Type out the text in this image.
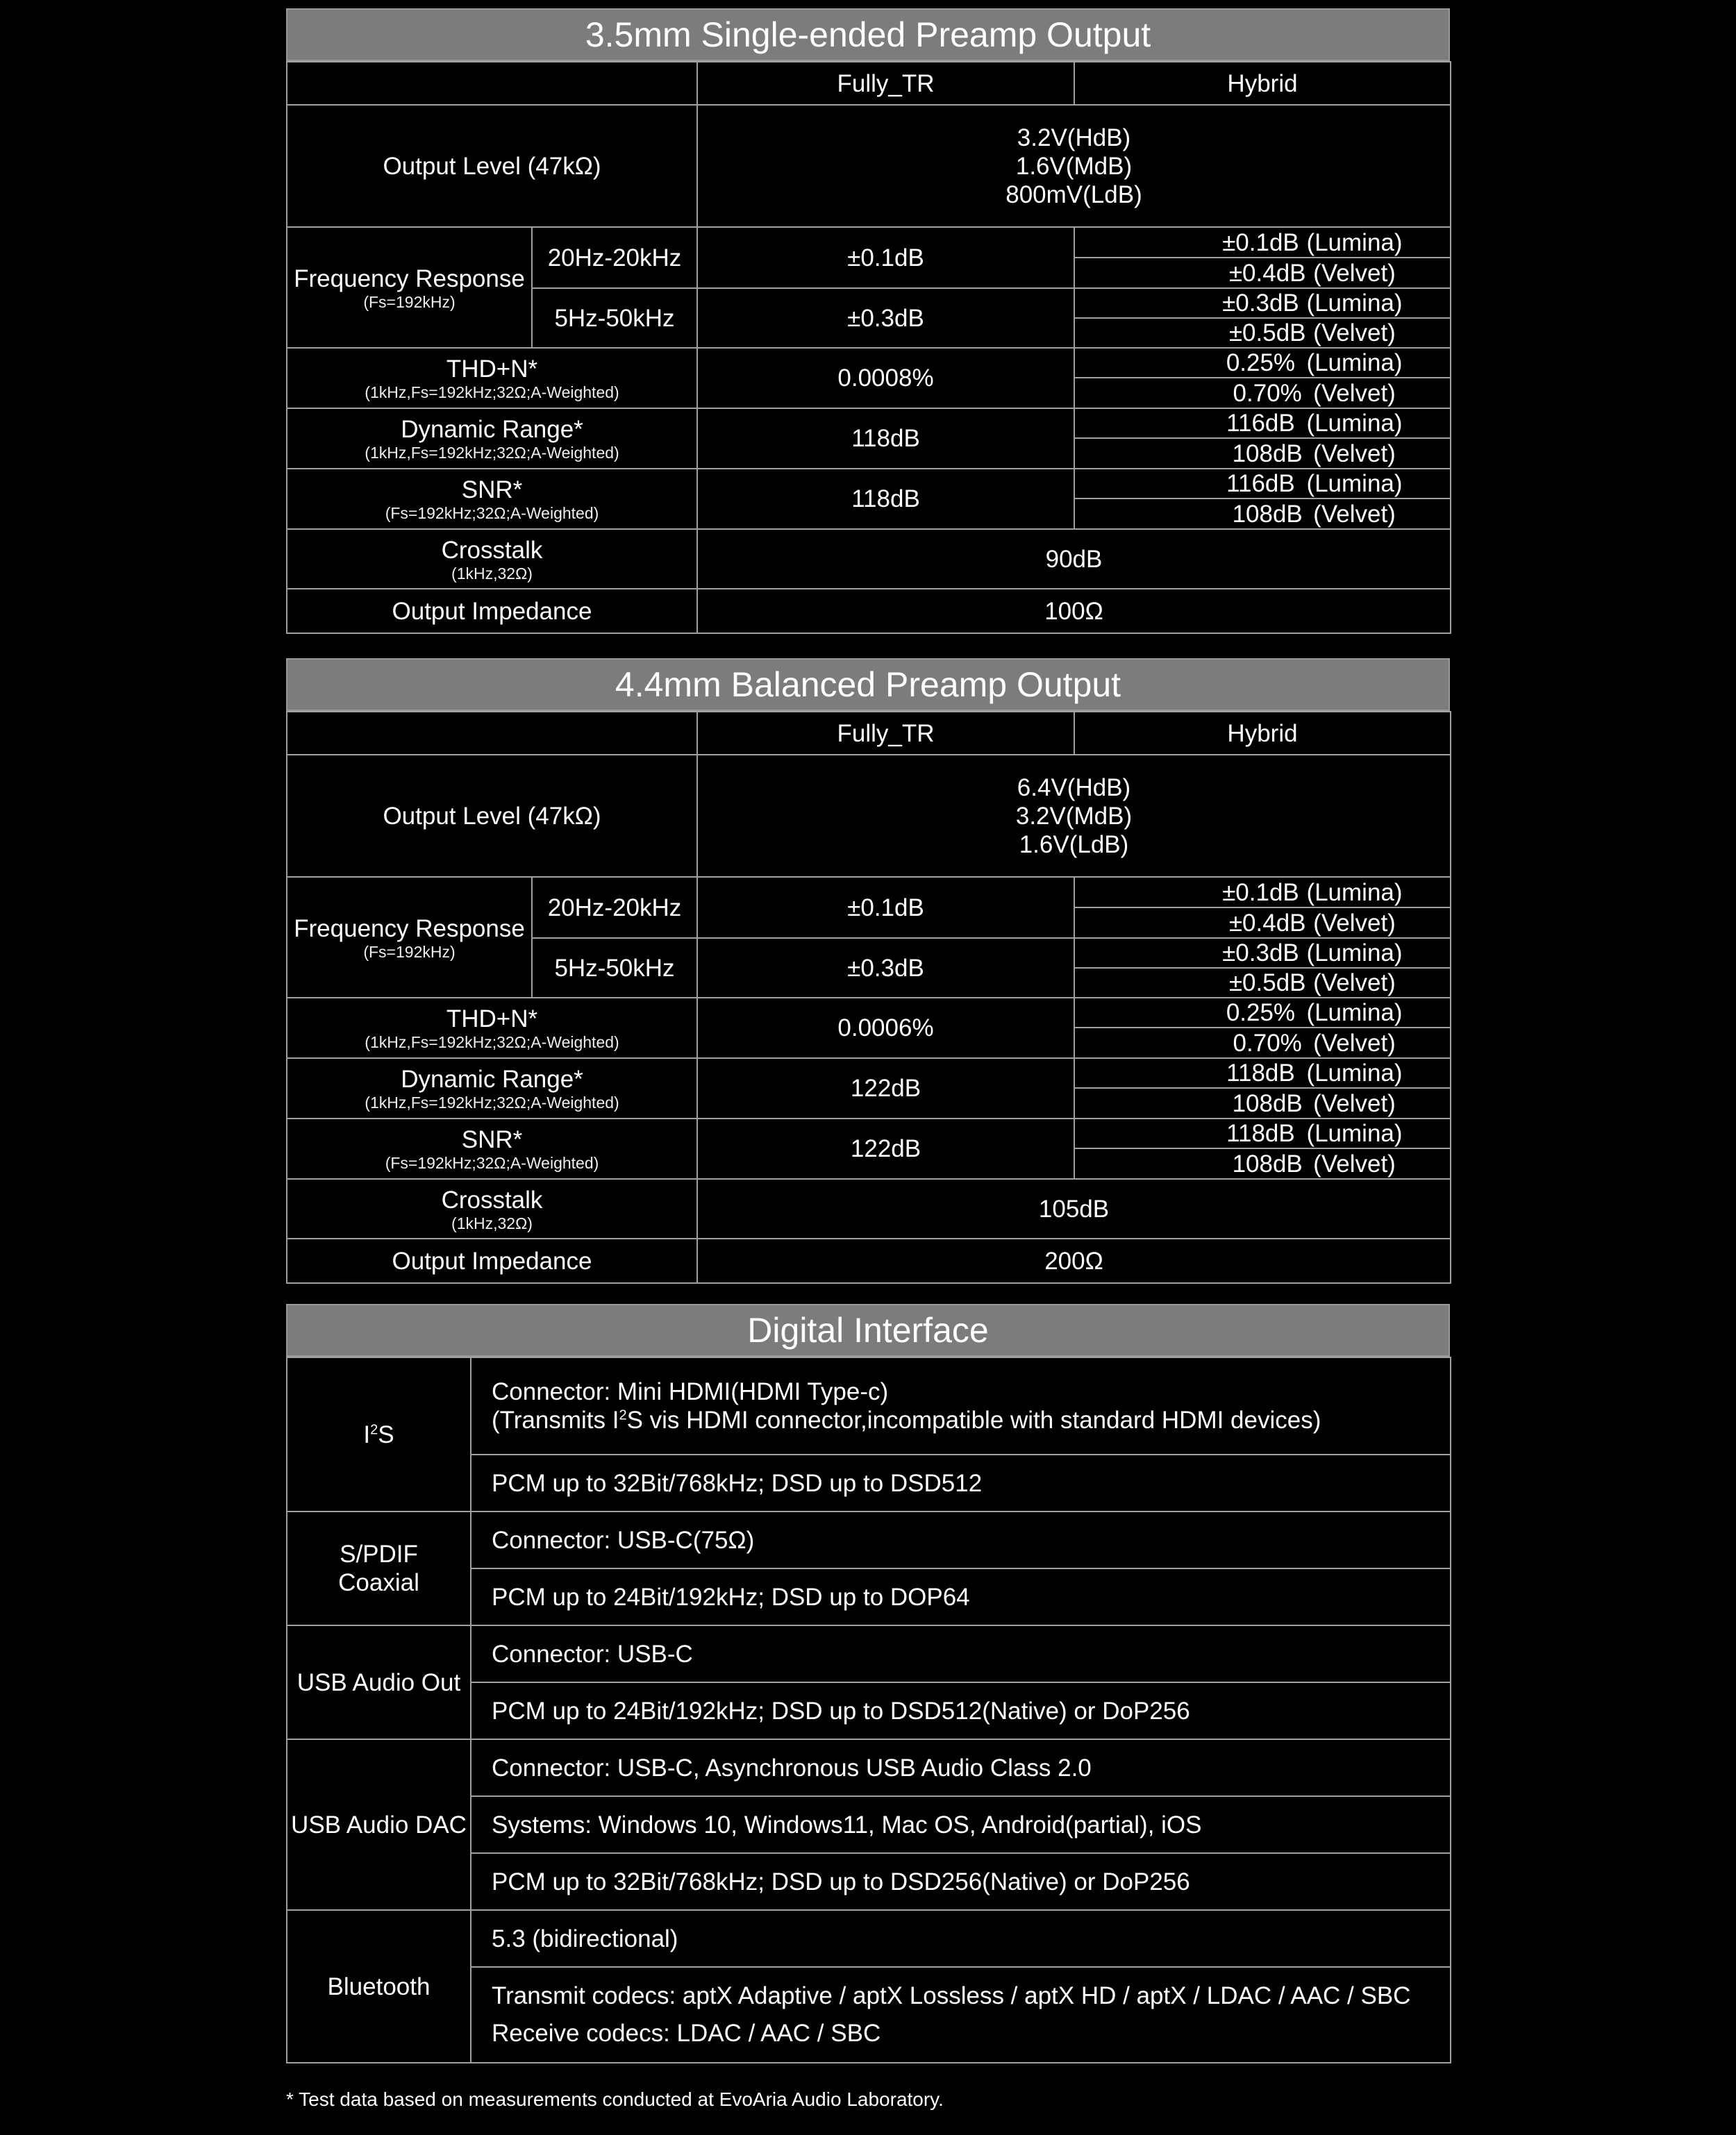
3.5mm Single-ended Preamp Output
		Fully_TR	Hybrid
Output Level (47kΩ)		3.2V(HdB)
1.6V(MdB)
800mV(LdB)	

Frequency Response
(Fs=192kHz)	20Hz-20kHz	±0.1dB	±0.1dB (Lumina)
			±0.4dB (Velvet)
	5Hz-50kHz	±0.3dB	±0.3dB (Lumina)
			±0.5dB (Velvet)

THD+N*
(1kHz,Fs=192kHz;32Ω;A-Weighted)		0.0008%	0.25% (Lumina)
			0.70% (Velvet)

Dynamic Range*
(1kHz,Fs=192kHz;32Ω;A-Weighted)		118dB	116dB (Lumina)
			108dB (Velvet)

SNR*
(Fs=192kHz;32Ω;A-Weighted)		118dB	116dB (Lumina)
			108dB (Velvet)

Crosstalk
(1kHz,32Ω)		90dB	
Output Impedance		100Ω	
4.4mm Balanced Preamp Output
		Fully_TR	Hybrid
Output Level (47kΩ)		6.4V(HdB)
3.2V(MdB)
1.6V(LdB)	

Frequency Response
(Fs=192kHz)	20Hz-20kHz	±0.1dB	±0.1dB (Lumina)
			±0.4dB (Velvet)
	5Hz-50kHz	±0.3dB	±0.3dB (Lumina)
			±0.5dB (Velvet)

THD+N*
(1kHz,Fs=192kHz;32Ω;A-Weighted)		0.0006%	0.25% (Lumina)
			0.70% (Velvet)

Dynamic Range*
(1kHz,Fs=192kHz;32Ω;A-Weighted)		122dB	118dB (Lumina)
			108dB (Velvet)

SNR*
(Fs=192kHz;32Ω;A-Weighted)		122dB	118dB (Lumina)
			108dB (Velvet)

Crosstalk
(1kHz,32Ω)		105dB	
Output Impedance		200Ω	
Digital Interface
$I^2S$	Connector: Mini HDMI(HDMI Type-c)
(Transmits $I^2S$ vis HDMI connector,incompatible with standard HDMI devices)

	PCM up to 32Bit/768kHz; DSD up to DSD512

S/PDIF
Coaxial	Connector: USB-C(75Ω)
	PCM up to 24Bit/192kHz; DSD up to DOP64
USB Audio Out	Connector: USB-C
	PCM up to 24Bit/192kHz; DSD up to DSD512(Native) or DoP256
USB Audio DAC	Connector: USB-C, Asynchronous USB Audio Class 2.0
	Systems: Windows 10, Windows11, Mac OS, Android(partial), iOS
	PCM up to 32Bit/768kHz; DSD up to DSD256(Native) or DoP256
Bluetooth	5.3 (bidirectional)

	Transmit codecs: aptX Adaptive / aptX Lossless / aptX HD / aptX / LDAC / AAC / SBC
Receive codecs: LDAC / AAC / SBC
* Test data based on measurements conducted at EvoAria Audio Laboratory.
